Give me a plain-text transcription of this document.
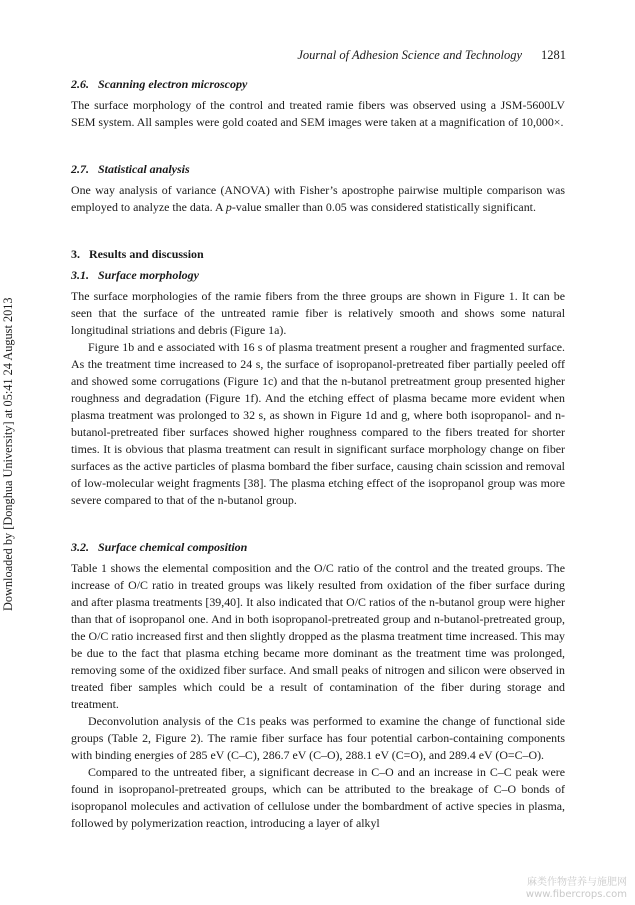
Journal of Adhesion Science and Technology 1281
Downloaded by [Donghua University] at 05:41 24 August 2013
2.6. Scanning electron microscopy

The surface morphology of the control and treated ramie fibers was observed using a JSM-5600LV SEM system. All samples were gold coated and SEM images were taken at a magnification of 10,000×.

2.7. Statistical analysis

One way analysis of variance (ANOVA) with Fisher’s apostrophe pairwise multiple comparison was employed to analyze the data. A p-value smaller than 0.05 was considered statistically significant.

3. Results and discussion
3.1. Surface morphology

The surface morphologies of the ramie fibers from the three groups are shown in Figure 1. It can be seen that the surface of the untreated ramie fiber is relatively smooth and shows some natural longitudinal striations and debris (Figure 1a).

Figure 1b and e associated with 16 s of plasma treatment present a rougher and fragmented surface. As the treatment time increased to 24 s, the surface of isopropanol-pretreated fiber partially peeled off and showed some corrugations (Figure 1c) and that the n-butanol pretreatment group presented higher roughness and degradation (Figure 1f). And the etching effect of plasma became more evident when plasma treatment was prolonged to 32 s, as shown in Figure 1d and g, where both isopropanol- and n-butanol-pretreated fiber surfaces showed higher roughness compared to the fibers treated for shorter times. It is obvious that plasma treatment can result in significant surface morphology change on fiber surfaces as the active particles of plasma bombard the fiber surface, causing chain scission and removal of low-molecular weight fragments [38]. The plasma etching effect of the isopropanol group was more severe compared to that of the n-butanol group.

3.2. Surface chemical composition

Table 1 shows the elemental composition and the O/C ratio of the control and the treated groups. The increase of O/C ratio in treated groups was likely resulted from oxidation of the fiber surface during and after plasma treatments [39,40]. It also indicated that O/C ratios of the n-butanol group were higher than that of isopropanol one. And in both isopropanol-pretreated group and n-butanol-pretreated group, the O/C ratio increased first and then slightly dropped as the plasma treatment time increased. This may be due to the fact that plasma etching became more dominant as the treatment time was prolonged, removing some of the oxidized fiber surface. And small peaks of nitrogen and silicon were observed in treated fiber samples which could be a result of contamination of the fiber during storage and treatment.

Deconvolution analysis of the C1s peaks was performed to examine the change of functional side groups (Table 2, Figure 2). The ramie fiber surface has four potential carbon-containing components with binding energies of 285 eV (C–C), 286.7 eV (C–O), 288.1 eV (C=O), and 289.4 eV (O=C–O).

Compared to the untreated fiber, a significant decrease in C–O and an increase in C–C peak were found in isopropanol-pretreated groups, which can be attributed to the breakage of C–O bonds of isopropanol molecules and activation of cellulose under the bombardment of active species in plasma, followed by polymerization reaction, introducing a layer of alkyl

麻类作物营养与施肥网
www.fibercrops.com
